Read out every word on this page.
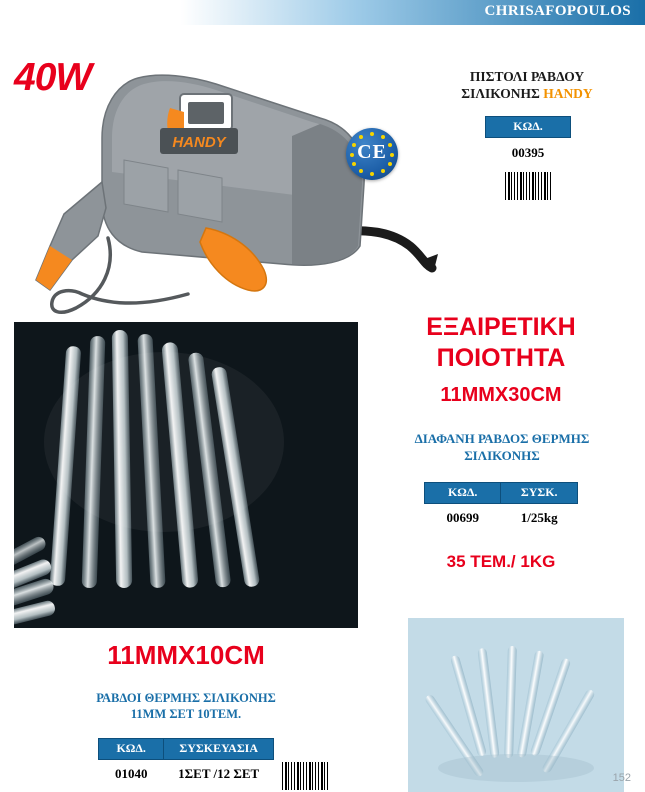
CHRISAFOPOULOS
HANDY
40W
CE
ΠΙΣΤΟΛΙ ΡΑΒΔΟΥ
ΣΙΛΙΚΟΝΗΣ HANDY
ΚΩΔ.
00395
ΕΞΑΙΡΕΤΙΚΗ
ΠΟΙΟΤΗΤΑ
11MMX30CM
ΔΙΑΦΑΝΗ ΡΑΒΔΟΣ ΘΕΡΜΗΣ
ΣΙΛΙΚΟΝΗΣ
ΚΩΔ.	ΣΥΣΚ.
00699	1/25kg
35 TEM./ 1KG
11MMX10CM
ΡΑΒΔΟΙ ΘΕΡΜΗΣ ΣΙΛΙΚΟΝΗΣ
11MM ΣΕΤ 10ΤΕΜ.
ΚΩΔ.	ΣΥΣΚΕΥΑΣΙΑ
01040	1ΣΕΤ /12 ΣΕΤ	152
